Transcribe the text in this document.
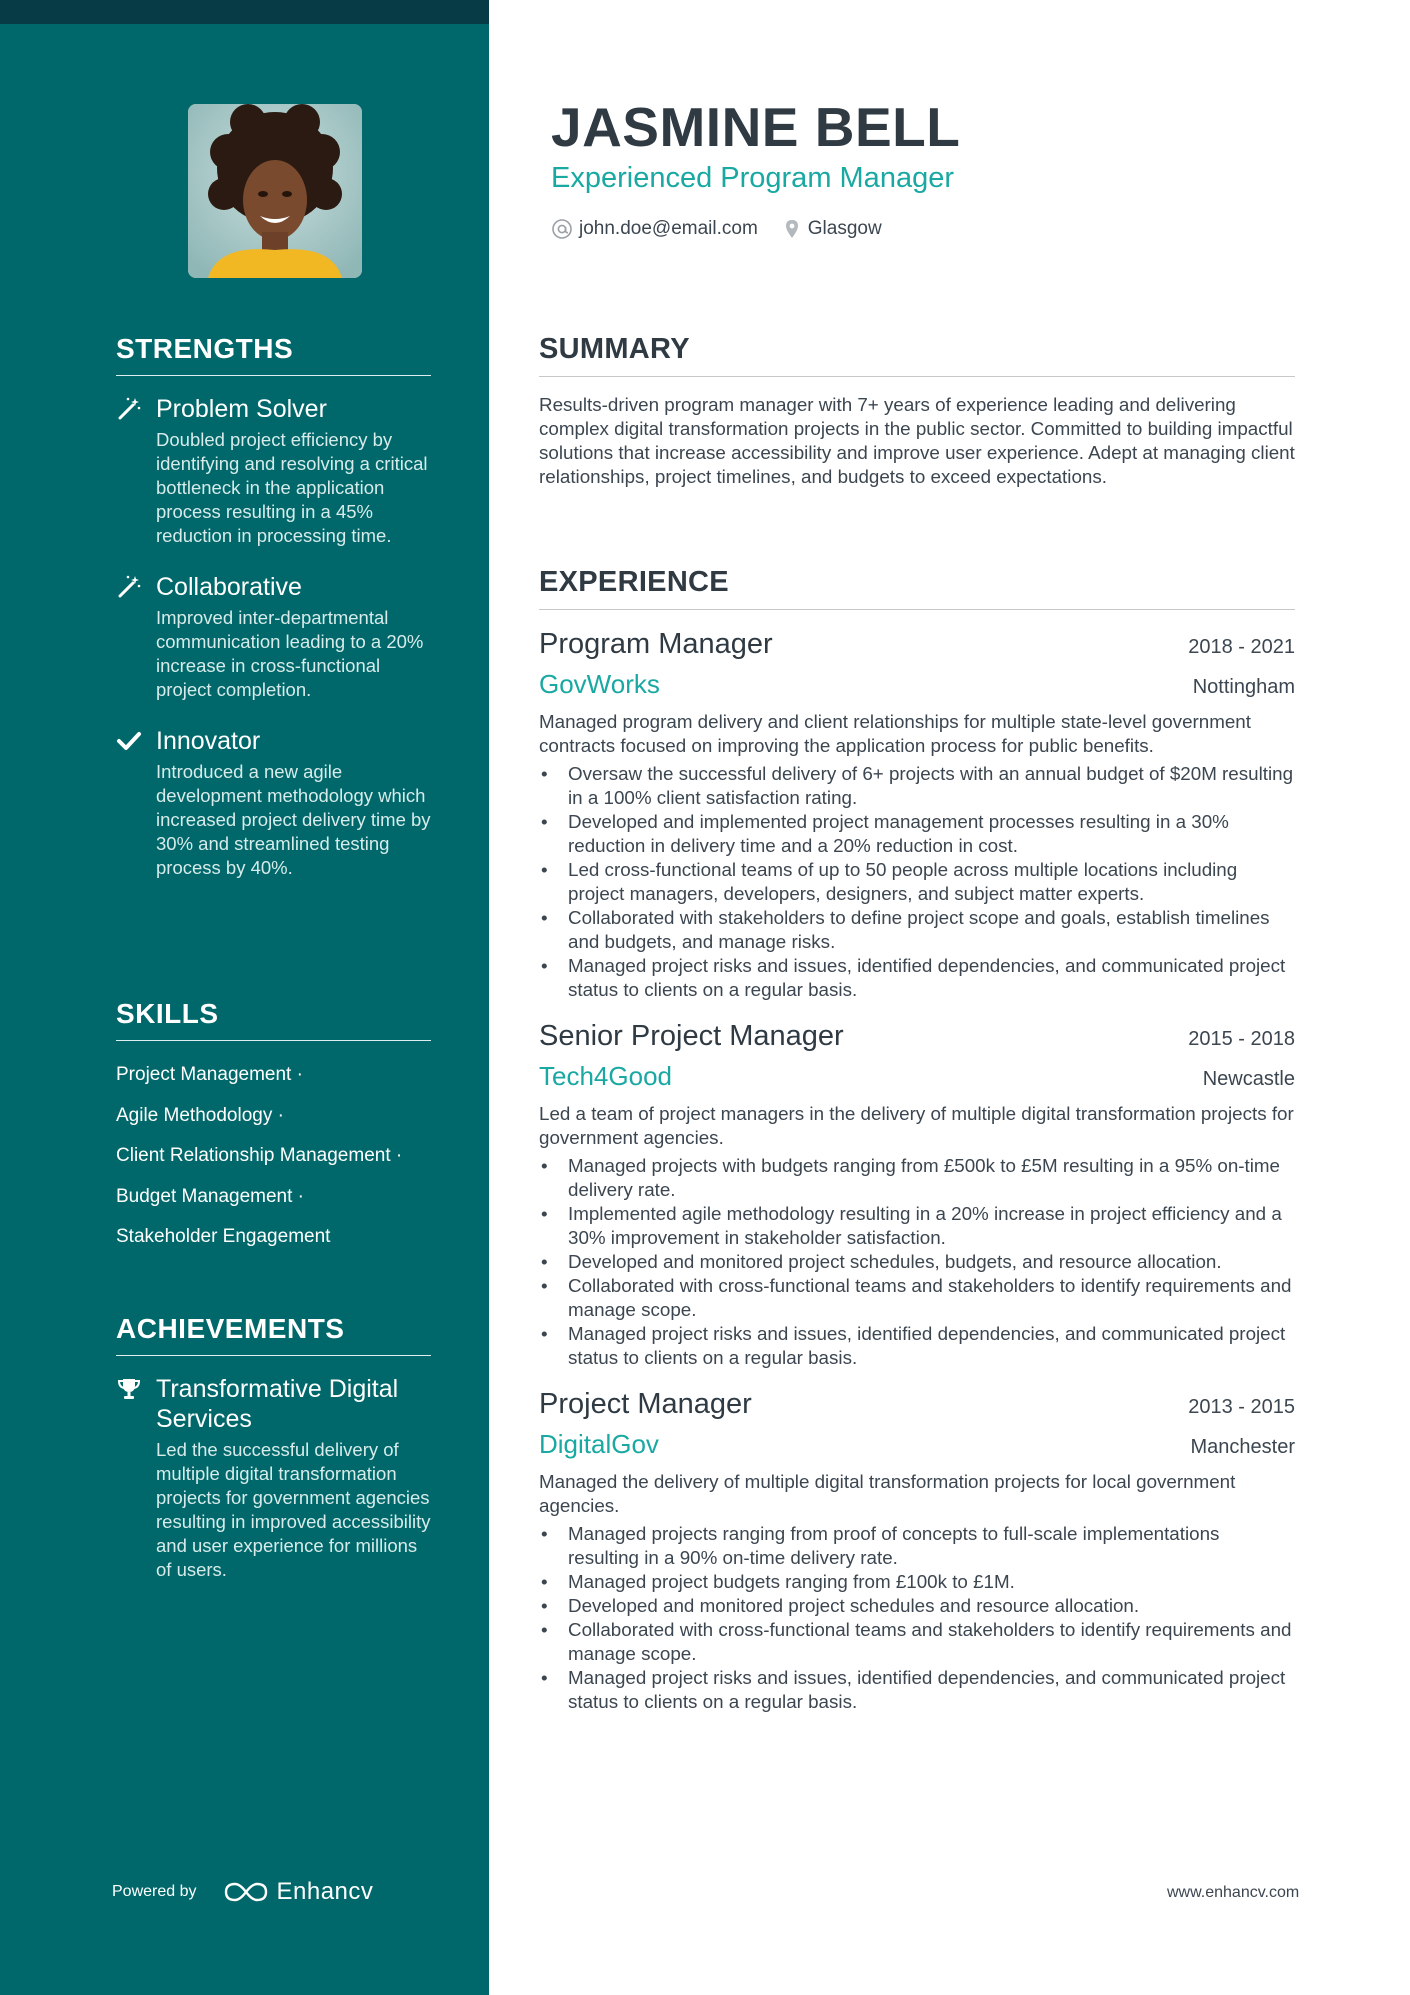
STRENGTHS
Problem Solver
Doubled project efficiency by identifying and resolving a critical bottleneck in the application process resulting in a 45% reduction in processing time.
Collaborative
Improved inter-departmental communication leading to a 20% increase in cross-functional project completion.
Innovator
Introduced a new agile development methodology which increased project delivery time by 30% and streamlined testing process by 40%.
SKILLS
Project Management ·
Agile Methodology ·
Client Relationship Management ·
Budget Management ·
Stakeholder Engagement
ACHIEVEMENTS
Transformative Digital Services
Led the successful delivery of multiple digital transformation projects for government agencies resulting in improved accessibility and user experience for millions of users.
Powered by	Enhancv
JASMINE BELL
Experienced Program Manager
john.doe@email.com	Glasgow
SUMMARY
Results-driven program manager with 7+ years of experience leading and delivering complex digital transformation projects in the public sector. Committed to building impactful solutions that increase accessibility and improve user experience. Adept at managing client relationships, project timelines, and budgets to exceed expectations.
EXPERIENCE
Program Manager	2018 - 2021
GovWorks	Nottingham
Managed program delivery and client relationships for multiple state-level government contracts focused on improving the application process for public benefits.
• Oversaw the successful delivery of 6+ projects with an annual budget of $20M resulting in a 100% client satisfaction rating.
• Developed and implemented project management processes resulting in a 30% reduction in delivery time and a 20% reduction in cost.
• Led cross-functional teams of up to 50 people across multiple locations including project managers, developers, designers, and subject matter experts.
• Collaborated with stakeholders to define project scope and goals, establish timelines and budgets, and manage risks.
• Managed project risks and issues, identified dependencies, and communicated project status to clients on a regular basis.
Senior Project Manager	2015 - 2018
Tech4Good	Newcastle
Led a team of project managers in the delivery of multiple digital transformation projects for government agencies.
• Managed projects with budgets ranging from £500k to £5M resulting in a 95% on-time delivery rate.
• Implemented agile methodology resulting in a 20% increase in project efficiency and a 30% improvement in stakeholder satisfaction.
• Developed and monitored project schedules, budgets, and resource allocation.
• Collaborated with cross-functional teams and stakeholders to identify requirements and manage scope.
• Managed project risks and issues, identified dependencies, and communicated project status to clients on a regular basis.
Project Manager	2013 - 2015
DigitalGov	Manchester
Managed the delivery of multiple digital transformation projects for local government agencies.
• Managed projects ranging from proof of concepts to full-scale implementations resulting in a 90% on-time delivery rate.
• Managed project budgets ranging from £100k to £1M.
• Developed and monitored project schedules and resource allocation.
• Collaborated with cross-functional teams and stakeholders to identify requirements and manage scope.
• Managed project risks and issues, identified dependencies, and communicated project status to clients on a regular basis.
www.enhancv.com
